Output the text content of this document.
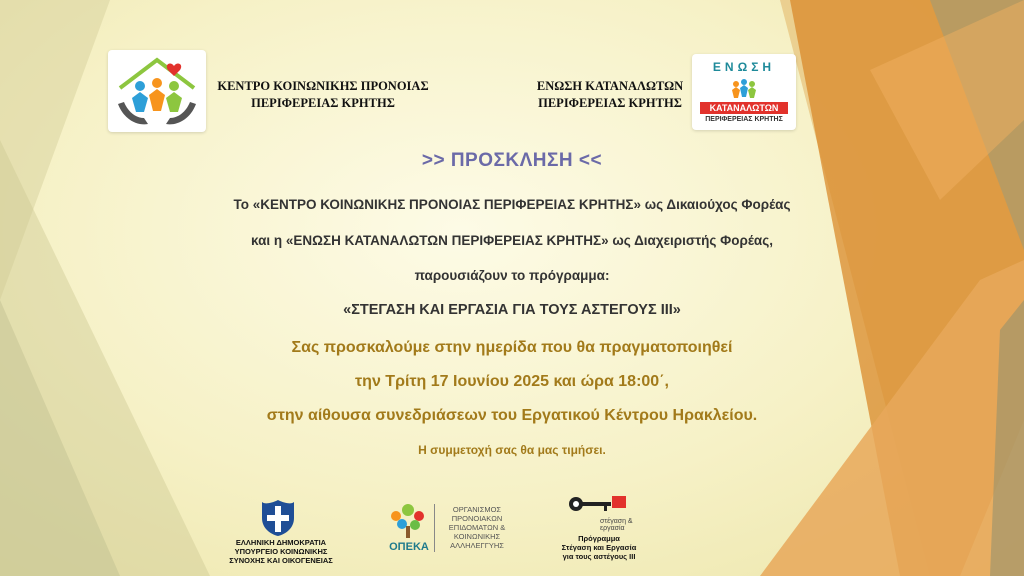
ΚΕΝΤΡΟ ΚΟΙΝΩΝΙΚΗΣ ΠΡΟΝΟΙΑΣ
ΠΕΡΙΦΕΡΕΙΑΣ ΚΡΗΤΗΣ
ΕΝΩΣΗ ΚΑΤΑΝΑΛΩΤΩΝ
ΠΕΡΙΦΕΡΕΙΑΣ ΚΡΗΤΗΣ
ΕΝΩΣΗ
ΚΑΤΑΝΑΛΩΤΩΝ
ΠΕΡΙΦΕΡΕΙΑΣ ΚΡΗΤΗΣ
>> ΠΡΟΣΚΛΗΣΗ <<
Το «ΚΕΝΤΡΟ ΚΟΙΝΩΝΙΚΗΣ ΠΡΟΝΟΙΑΣ ΠΕΡΙΦΕΡΕΙΑΣ ΚΡΗΤΗΣ» ως Δικαιούχος Φορέας
και η «ΕΝΩΣΗ ΚΑΤΑΝΑΛΩΤΩΝ ΠΕΡΙΦΕΡΕΙΑΣ ΚΡΗΤΗΣ» ως Διαχειριστής Φορέας,
παρουσιάζουν το πρόγραμμα:
«ΣΤΕΓΑΣΗ ΚΑΙ ΕΡΓΑΣΙΑ ΓΙΑ ΤΟΥΣ ΑΣΤΕΓΟΥΣ ΙΙΙ»
Σας προσκαλούμε στην ημερίδα που θα πραγματοποιηθεί
την Τρίτη 17 Ιουνίου 2025 και ώρα 18:00΄,
στην αίθουσα συνεδριάσεων του Εργατικού Κέντρου Ηρακλείου.
Η συμμετοχή σας θα μας τιμήσει.
ΕΛΛΗΝΙΚΗ ΔΗΜΟΚΡΑΤΙΑ
ΥΠΟΥΡΓΕΙΟ ΚΟΙΝΩΝΙΚΗΣ
ΣΥΝΟΧΗΣ ΚΑΙ ΟΙΚΟΓΕΝΕΙΑΣ
ΟΠΕΚΑ
ΟΡΓΑΝΙΣΜΟΣ
ΠΡΟΝΟΙΑΚΩΝ
ΕΠΙΔΟΜΑΤΩΝ &
ΚΟΙΝΩΝΙΚΗΣ
ΑΛΛΗΛΕΓΓΥΗΣ
στέγαση &
εργασία
Πρόγραμμα
Στέγαση και Εργασία
για τους αστέγους ΙΙΙ
